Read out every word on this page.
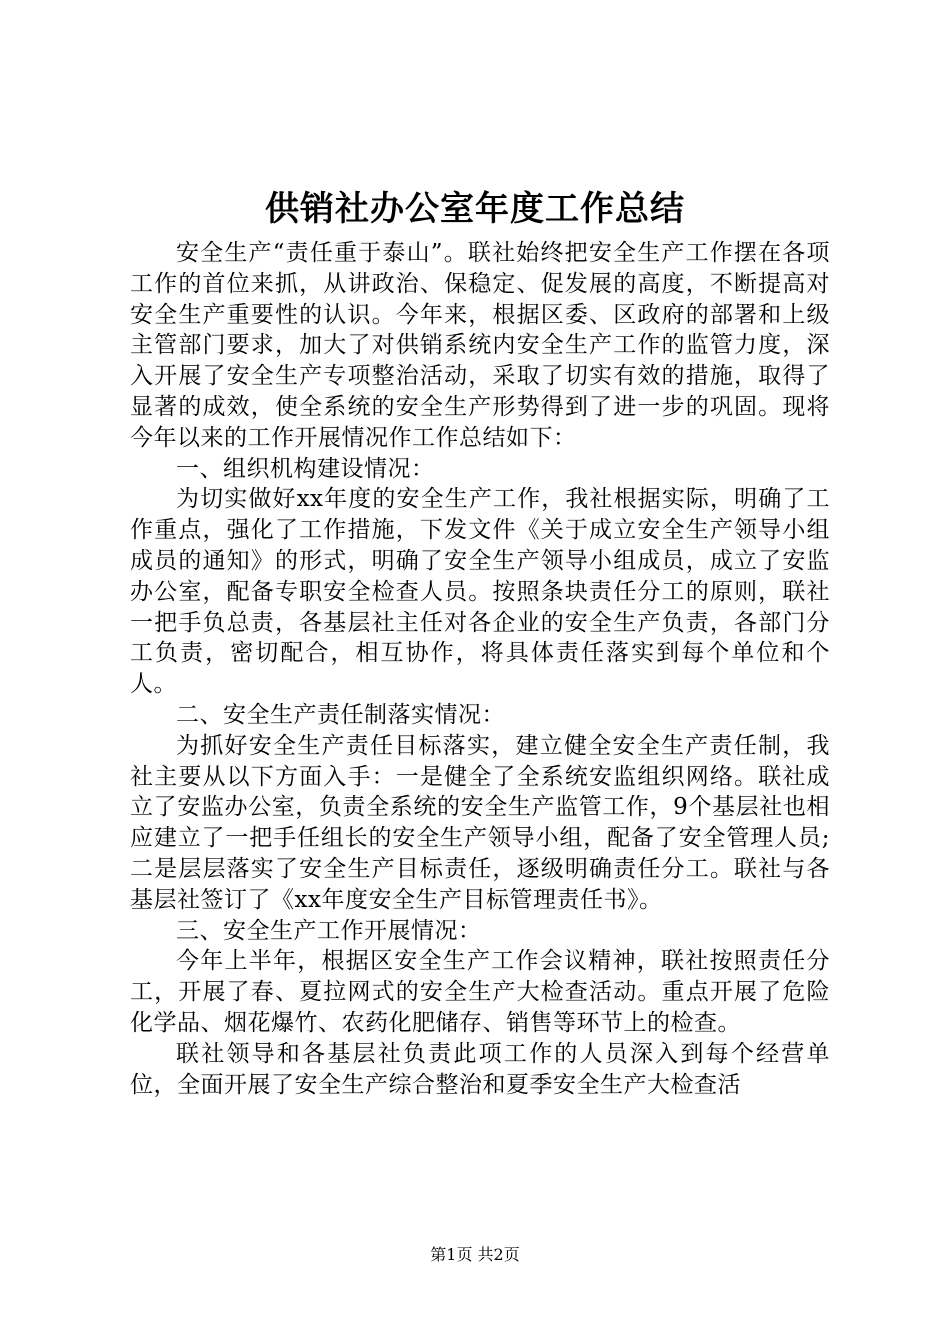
供销社办公室年度工作总结

安全生产“责任重于泰山”。联社始终把安全生产工作摆在各项工作的首位来抓，从讲政治、保稳定、促发展的高度，不断提高对安全生产重要性的认识。今年来，根据区委、区政府的部署和上级主管部门要求，加大了对供销系统内安全生产工作的监管力度，深入开展了安全生产专项整治活动，采取了切实有效的措施，取得了显著的成效，使全系统的安全生产形势得到了进一步的巩固。现将今年以来的工作开展情况作工作总结如下：

一、组织机构建设情况：

为切实做好xx年度的安全生产工作，我社根据实际，明确了工作重点，强化了工作措施，下发文件《关于成立安全生产领导小组成员的通知》的形式，明确了安全生产领导小组成员，成立了安监办公室，配备专职安全检查人员。按照条块责任分工的原则，联社一把手负总责，各基层社主任对各企业的安全生产负责，各部门分工负责，密切配合，相互协作，将具体责任落实到每个单位和个人。

二、安全生产责任制落实情况：

为抓好安全生产责任目标落实，建立健全安全生产责任制，我社主要从以下方面入手：一是健全了全系统安监组织网络。联社成立了安监办公室，负责全系统的安全生产监管工作，9个基层社也相应建立了一把手任组长的安全生产领导小组，配备了安全管理人员;二是层层落实了安全生产目标责任，逐级明确责任分工。联社与各基层社签订了《xx年度安全生产目标管理责任书》。

三、安全生产工作开展情况：

今年上半年，根据区安全生产工作会议精神，联社按照责任分工，开展了春、夏拉网式的安全生产大检查活动。重点开展了危险化学品、烟花爆竹、农药化肥储存、销售等环节上的检查。

联社领导和各基层社负责此项工作的人员深入到每个经营单位，全面开展了安全生产综合整治和夏季安全生产大检查活

第1页 共2页
